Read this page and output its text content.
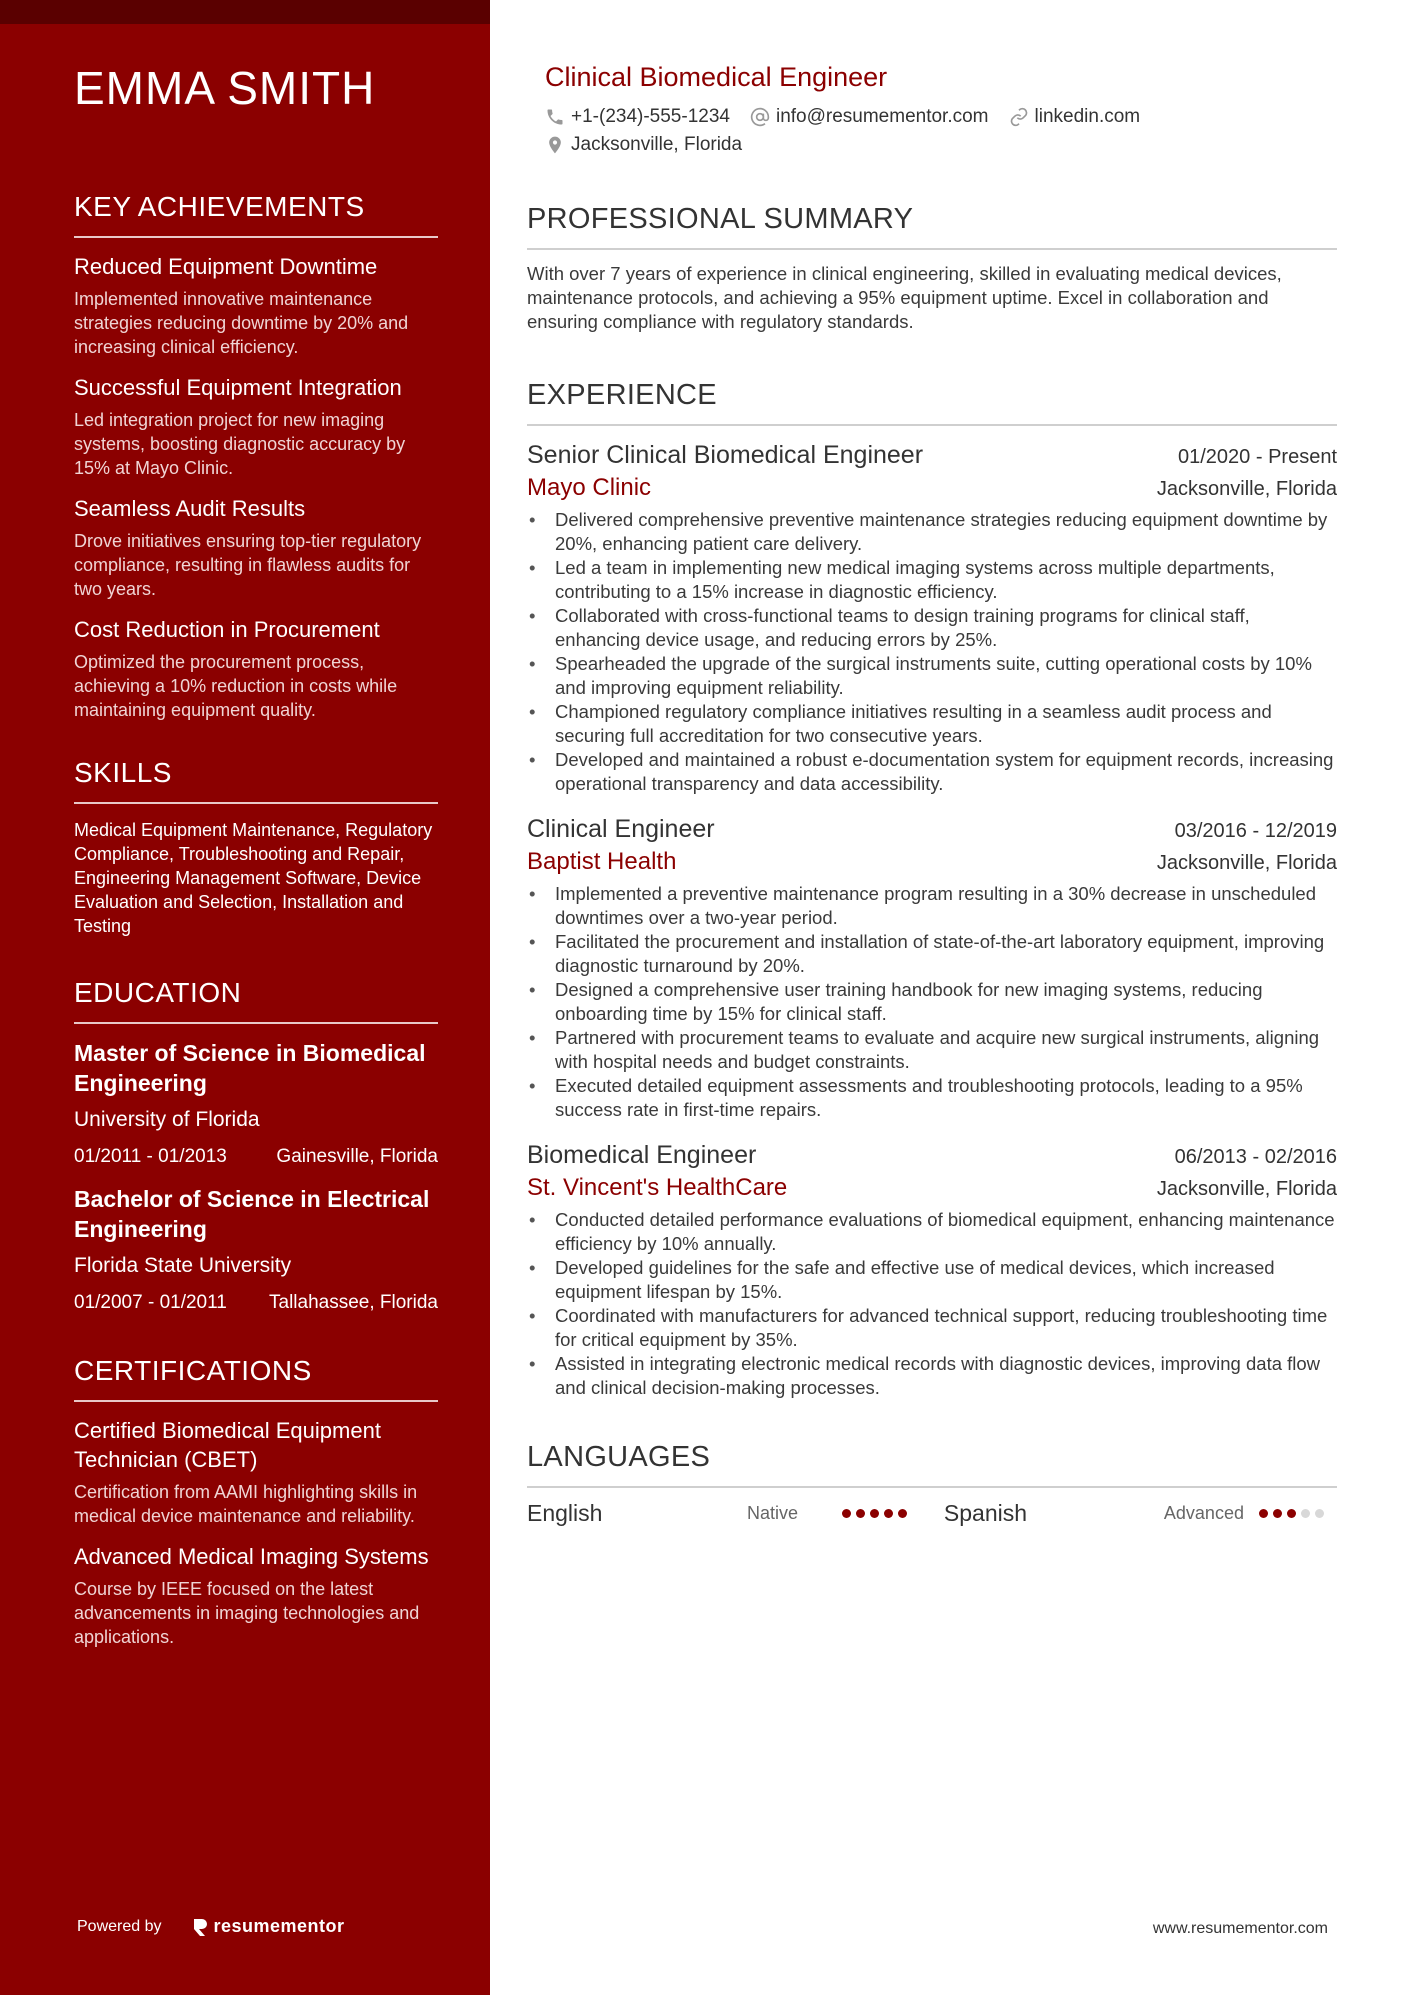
EMMA SMITH
KEY ACHIEVEMENTS
Reduced Equipment Downtime
Implemented innovative maintenance strategies reducing downtime by 20% and increasing clinical efficiency.
Successful Equipment Integration
Led integration project for new imaging systems, boosting diagnostic accuracy by 15% at Mayo Clinic.
Seamless Audit Results
Drove initiatives ensuring top-tier regulatory compliance, resulting in flawless audits for two years.
Cost Reduction in Procurement
Optimized the procurement process, achieving a 10% reduction in costs while maintaining equipment quality.
SKILLS
Medical Equipment Maintenance, Regulatory Compliance, Troubleshooting and Repair, Engineering Management Software, Device Evaluation and Selection, Installation and Testing
EDUCATION
Master of Science in Biomedical Engineering
University of Florida
01/2011 - 01/2013	Gainesville, Florida
Bachelor of Science in Electrical Engineering
Florida State University
01/2007 - 01/2011 Tallahassee, Florida
CERTIFICATIONS
Certified Biomedical Equipment Technician (CBET)
Certification from AAMI highlighting skills in medical device maintenance and reliability.
Advanced Medical Imaging Systems
Course by IEEE focused on the latest advancements in imaging technologies and applications.
Powered by	resumementor
Clinical Biomedical Engineer
+1-(234)-555-1234 info@resumementor.com linkedin.com
Jacksonville, Florida
PROFESSIONAL SUMMARY
With over 7 years of experience in clinical engineering, skilled in evaluating medical devices, maintenance protocols, and achieving a 95% equipment uptime. Excel in collaboration and ensuring compliance with regulatory standards.
EXPERIENCE
Senior Clinical Biomedical Engineer	01/2020 - Present
Mayo Clinic	Jacksonville, Florida
• Delivered comprehensive preventive maintenance strategies reducing equipment downtime by 20%, enhancing patient care delivery.
• Led a team in implementing new medical imaging systems across multiple departments, contributing to a 15% increase in diagnostic efficiency.
• Collaborated with cross-functional teams to design training programs for clinical staff, enhancing device usage, and reducing errors by 25%.
• Spearheaded the upgrade of the surgical instruments suite, cutting operational costs by 10% and improving equipment reliability.
• Championed regulatory compliance initiatives resulting in a seamless audit process and securing full accreditation for two consecutive years.
• Developed and maintained a robust e-documentation system for equipment records, increasing operational transparency and data accessibility.
Clinical Engineer	03/2016 - 12/2019
Baptist Health	Jacksonville, Florida
• Implemented a preventive maintenance program resulting in a 30% decrease in unscheduled downtimes over a two-year period.
• Facilitated the procurement and installation of state-of-the-art laboratory equipment, improving diagnostic turnaround by 20%.
• Designed a comprehensive user training handbook for new imaging systems, reducing onboarding time by 15% for clinical staff.
• Partnered with procurement teams to evaluate and acquire new surgical instruments, aligning with hospital needs and budget constraints.
• Executed detailed equipment assessments and troubleshooting protocols, leading to a 95% success rate in first-time repairs.
Biomedical Engineer	06/2013 - 02/2016
St. Vincent's HealthCare	Jacksonville, Florida
• Conducted detailed performance evaluations of biomedical equipment, enhancing maintenance efficiency by 10% annually.
• Developed guidelines for the safe and effective use of medical devices, which increased equipment lifespan by 15%.
• Coordinated with manufacturers for advanced technical support, reducing troubleshooting time for critical equipment by 35%.
• Assisted in integrating electronic medical records with diagnostic devices, improving data flow and clinical decision-making processes.
LANGUAGES
English	Native	Spanish	Advanced
www.resumementor.com
